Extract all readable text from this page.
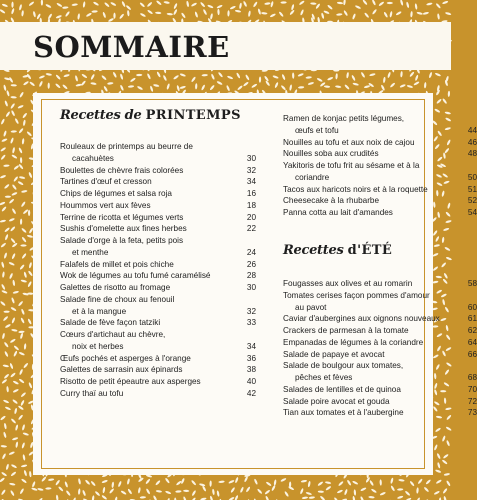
SOMMAIRE
Recettes de PRINTEMPS
Rouleaux de printemps au beurre de
cacahuètes	30
Boulettes de chèvre frais colorées	32
Tartines d'œuf et cresson	34
Chips de légumes et salsa roja	16
Hoummos vert aux fèves	18
Terrine de ricotta et légumes verts	20
Sushis d'omelette aux fines herbes	22
Salade d'orge à la feta, petits pois
et menthe	24
Falafels de millet et pois chiche	26
Wok de légumes au tofu fumé caramélisé	28
Galettes de risotto au fromage	30
Salade fine de choux au fenouil
et à la mangue	32
Salade de fève façon tatziki	33
Cœurs d'artichaut au chèvre,
noix et herbes	34
Œufs pochés et asperges à l'orange	36
Galettes de sarrasin aux épinards	38
Risotto de petit épeautre aux asperges	40
Curry thaï au tofu	42
Ramen de konjac petits légumes,
œufs et tofu	44
Nouilles au tofu et aux noix de cajou	46
Nouilles soba aux crudités	48
Yakitoris de tofu frit au sésame et à la
coriandre	50
Tacos aux haricots noirs et à la roquette	51
Cheesecake à la rhubarbe	52
Panna cotta au lait d'amandes	54
Recettes d'ÉTÉ
Fougasses aux olives et au romarin	58
Tomates cerises façon pommes d'amour
au pavot	60
Caviar d'aubergines aux oignons nouveaux	61
Crackers de parmesan à la tomate	62
Empanadas de légumes à la coriandre	64
Salade de papaye et avocat	66
Salade de boulgour aux tomates,
pêches et fèves	68
Salades de lentilles et de quinoa	70
Salade poire avocat et gouda	72
Tian aux tomates et à l'aubergine	73
